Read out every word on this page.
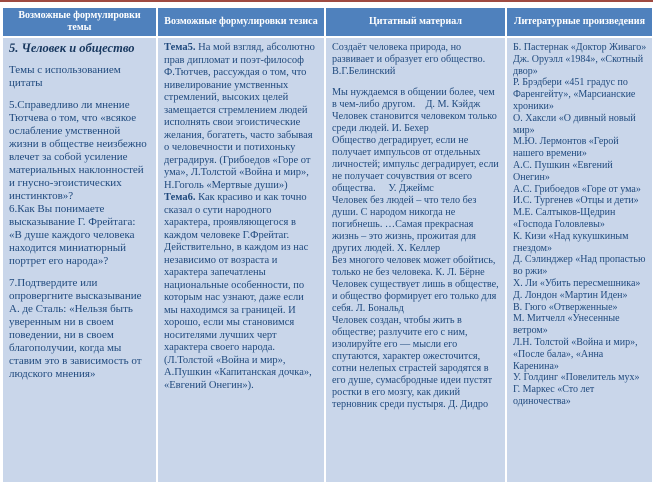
Возможные формулировки темы
Возможные формулировки тезиса	Цитатный материал	Литературные произведения

5. Человек и общество

Темы с использованием цитаты

5.Справедливо ли мнение Тютчева о том, что «всякое ослабление умственной жизни в обществе неизбежно влечет за собой усиление материальных наклонностей и гнусно-эгоистических инстинктов»?

6.Как Вы понимаете высказывание Г. Фрейтага: «В душе каждого человека находится миниатюрный портрет его народа»?

7.Подтвердите или опровергните высказывание А. де Сталь: «Нельзя быть уверенным ни в своем поведении, ни в своем благополучии, когда мы ставим это в зависимость от людского мнения»

Тема5. На мой взгляд, абсолютно прав дипломат и поэт-философ Ф.Тютчев, рассуждая о том, что нивелирование умственных стремлений, высоких целей замещается стремлением людей исполнять свои эгоистические желания, богатеть, часто забывая о человечности и потихоньку деградируя. (Грибоедов «Горе от ума», Л.Толстой «Война и мир», Н.Гоголь «Мертвые души»)

Тема6. Как красиво и как точно сказал о сути народного характера, проявляющегося в каждом человеке Г.Фрейтаг. Действительно, в каждом из нас независимо от возраста и характера запечатлены национальные особенности, по которым нас узнают, даже если мы находимся за границей. И хорошо, если мы становимся носителями лучших черт характера своего народа. (Л.Толстой «Война и мир», А.Пушкин «Капитанская дочка», «Евгений Онегин»).

Создаёт человека природа, но развивает и образует его общество. В.Г.Белинский

Мы нуждаемся в общении более, чем в чем-либо другом.    Д. М. Кэйдж

Человек становится человеком только среди людей. И. Бехер

Общество деградирует, если не получает импульсов от отдельных личностей; импульс деградирует, если не получает сочувствия от всего общества.     У. Джеймс

Человек без людей – что тело без души. С народом никогда не погибнешь. …Самая прекрасная жизнь – это жизнь, прожитая для других людей. Х. Келлер

Без многого человек может обойтись, только не без человека. К. Л. Бёрне

Человек существует лишь в обществе, и общество формирует его только для себя. Л. Бональд

Человек создан, чтобы жить в обществе; разлучите его с ним, изолируйте его — мысли его спутаются, характер ожесточится, сотни нелепых страстей зародятся в его душе, сумасбродные идеи пустят ростки в его мозгу, как дикий терновник среди пустыря. Д. Дидро

Б. Пастернак «Доктор Живаго»

Дж. Оруэлл «1984», «Скотный двор»

Р. Брэдбери «451 градус по Фаренгейту», «Марсианские хроники»

О. Хаксли «О дивный новый мир»

М.Ю. Лермонтов «Герой нашего времени»

А.С. Пушкин «Евгений Онегин»

А.С. Грибоедов «Горе от ума»

И.С. Тургенев «Отцы и дети»

М.Е. Салтыков-Щедрин «Господа Головлевы»

К. Кизи «Над кукушкиным гнездом»

Д. Сэлинджер «Над пропастью во ржи»

Х. Ли «Убить пересмешника»

Д. Лондон «Мартин Иден»

В. Гюго «Отверженные»

М. Митчелл «Унесенные ветром»

Л.Н. Толстой «Война и мир», «После бала», «Анна Каренина»

У. Голдинг «Повелитель мух»

Г. Маркес «Сто лет одиночества»
